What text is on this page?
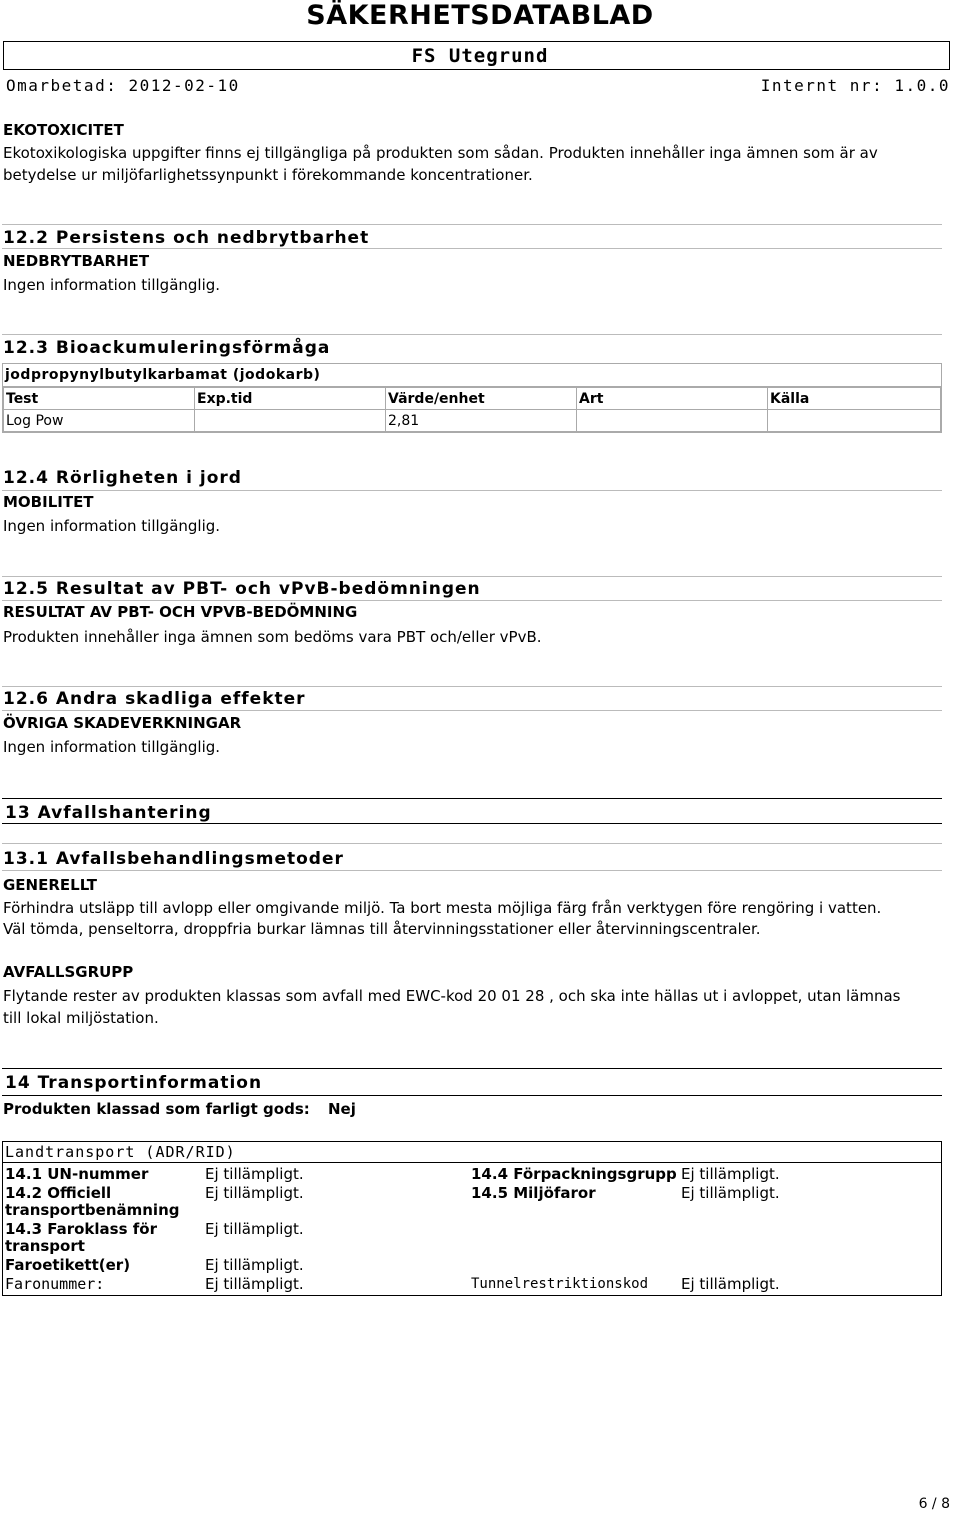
SÄKERHETSDATABLAD
FS Utegrund
Omarbetad: 2012-02-10	Internt nr: 1.0.0
EKOTOXICITET
Ekotoxikologiska uppgifter finns ej tillgängliga på produkten som sådan. Produkten innehåller inga ämnen som är av
betydelse ur miljöfarlighetssynpunkt i förekommande koncentrationer.
12.2 Persistens och nedbrytbarhet
NEDBRYTBARHET
Ingen information tillgänglig.
12.3 Bioackumuleringsförmåga
jodpropynylbutylkarbamat (jodokarb)
Test	Exp.tid	Värde/enhet	Art	Källa
Log Pow		2,81		
12.4 Rörligheten i jord
MOBILITET
Ingen information tillgänglig.
12.5 Resultat av PBT- och vPvB-bedömningen
RESULTAT AV PBT- OCH VPVB-BEDÖMNING
Produkten innehåller inga ämnen som bedöms vara PBT och/eller vPvB.
12.6 Andra skadliga effekter
ÖVRIGA SKADEVERKNINGAR
Ingen information tillgänglig.
13 Avfallshantering
13.1 Avfallsbehandlingsmetoder
GENERELLT
Förhindra utsläpp till avlopp eller omgivande miljö. Ta bort mesta möjliga färg från verktygen före rengöring i vatten.
Väl tömda, penseltorra, droppfria burkar lämnas till återvinningsstationer eller återvinningscentraler.
AVFALLSGRUPP
Flytande rester av produkten klassas som avfall med EWC-kod 20 01 28 , och ska inte hällas ut i avloppet, utan lämnas
till lokal miljöstation.
14 Transportinformation
Produkten klassad som farligt gods: Nej
Landtransport (ADR/RID)
14.1 UN-nummer	Ej tillämpligt.	14.4 Förpackningsgrupp	Ej tillämpligt.
14.2 Officiell transportbenämning	Ej tillämpligt.	14.5 Miljöfaror	Ej tillämpligt.
14.3 Faroklass för transport	Ej tillämpligt.		
Faroetikett(er)	Ej tillämpligt.		
Faronummer:	Ej tillämpligt.	Tunnelrestriktionskod	Ej tillämpligt.
6 / 8
